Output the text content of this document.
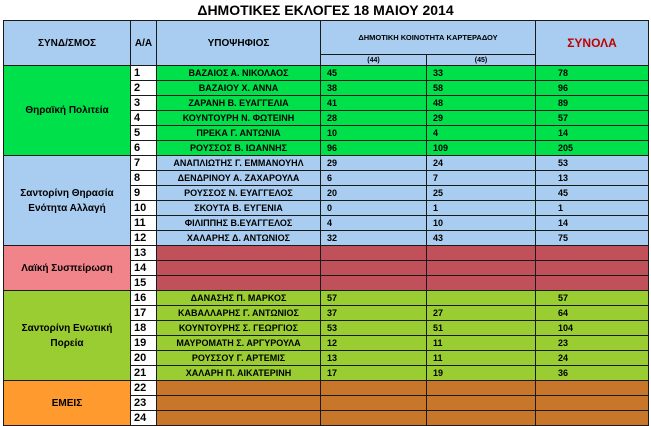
ΔΗΜΟΤΙΚΕΣ ΕΚΛΟΓΕΣ 18 ΜΑΙΟΥ 2014
ΣΥΝΔ/ΣΜΟΣ	Α/Α	ΥΠΟΨΗΦΙΟΣ	ΔΗΜΟΤΙΚΗ ΚΟΙΝΟΤΗΤΑ ΚΑΡΤΕΡΑΔΟΥ		ΣΥΝΟΛΑ
			(44)	(45)	
Θηραϊκή Πολιτεία	1	ΒΑΖΑΙΟΣ Α. ΝΙΚΟΛΑΟΣ	45	33	78
	2	ΒΑΖΑΙΟΥ Χ. ΑΝΝΑ	38	58	96
	3	ΖΑΡΑΝΗ Β. ΕΥΑΓΓΕΛΙΑ	41	48	89
	4	ΚΟΥΝΤΟΥΡΗ Ν. ΦΩΤΕΙΝΗ	28	29	57
	5	ΠΡΕΚΑ Γ. ΑΝΤΩΝΙΑ	10	4	14
	6	ΡΟΥΣΣΟΣ Β. ΙΩΑΝΝΗΣ	96	109	205
Σαντορίνη Θηρασία Ενότητα Αλλαγή	7	ΑΝΑΠΛΙΩΤΗΣ Γ. ΕΜΜΑΝΟΥΗΛ	29	24	53
	8	ΔΕΝΔΡΙΝΟΥ Α. ΖΑΧΑΡΟΥΛΑ	6	7	13
	9	ΡΟΥΣΣΟΣ Ν. ΕΥΑΓΓΕΛΟΣ	20	25	45
	10	ΣΚΟΥΤΑ Β. ΕΥΓΕΝΙΑ	0	1	1
	11	ΦΙΛΙΠΠΗΣ Β.ΕΥΑΓΓΕΛΟΣ	4	10	14
	12	ΧΑΛΑΡΗΣ Δ. ΑΝΤΩΝΙΟΣ	32	43	75
Λαϊκή Συσπείρωση	13				
	14				
	15				
Σαντορίνη Ενωτική Πορεία	16	ΔΑΝΑΣΗΣ Π. ΜΑΡΚΟΣ	57		57
	17	ΚΑΒΑΛΛΑΡΗΣ Γ. ΑΝΤΩΝΙΟΣ	37	27	64
	18	ΚΟΥΝΤΟΥΡΗΣ Σ. ΓΕΩΡΓΙΟΣ	53	51	104
	19	ΜΑΥΡΟΜΑΤΗ Σ. ΑΡΓΥΡΟΥΛΑ	12	11	23
	20	ΡΟΥΣΣΟΥ Γ. ΑΡΤΕΜΙΣ	13	11	24
	21	ΧΑΛΑΡΗ Π. ΑΙΚΑΤΕΡΙΝΗ	17	19	36
ΕΜΕΙΣ	22				
	23				
	24				
